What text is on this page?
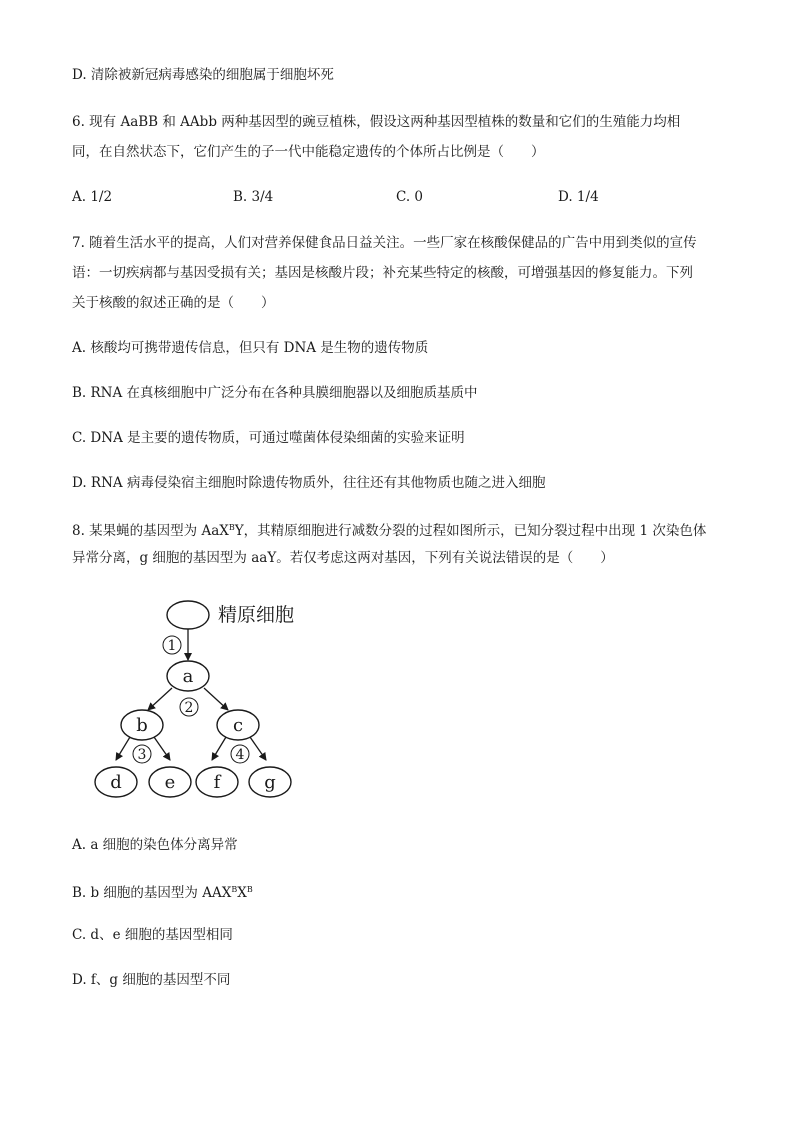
D. 清除被新冠病毒感染的细胞属于细胞坏死
6. 现有 AaBB 和 AAbb 两种基因型的豌豆植株，假设这两种基因型植株的数量和它们的生殖能力均相
同，在自然状态下，它们产生的子一代中能稳定遗传的个体所占比例是（　　）
A. 1/2	B. 3/4	C. 0	D. 1/4
7. 随着生活水平的提高，人们对营养保健食品日益关注。一些厂家在核酸保健品的广告中用到类似的宣传
语：一切疾病都与基因受损有关；基因是核酸片段；补充某些特定的核酸，可增强基因的修复能力。下列
关于核酸的叙述正确的是（　　）
A. 核酸均可携带遗传信息，但只有 DNA 是生物的遗传物质
B. RNA 在真核细胞中广泛分布在各种具膜细胞器以及细胞质基质中
C. DNA 是主要的遗传物质，可通过噬菌体侵染细菌的实验来证明
D. RNA 病毒侵染宿主细胞时除遗传物质外，往往还有其他物质也随之进入细胞
8. 某果蝇的基因型为 AaX$^B$Y，其精原细胞进行减数分裂的过程如图所示，已知分裂过程中出现 1 次染色体
异常分离，g 细胞的基因型为 aaY。若仅考虑这两对基因，下列有关说法错误的是（　　）
精原细胞
1
a
2
b	c
3	4
d e f g
A. a 细胞的染色体分离异常
B. b 细胞的基因型为 $AAX^BX^B$
C. d、e 细胞的基因型相同
D. f、g 细胞的基因型不同
